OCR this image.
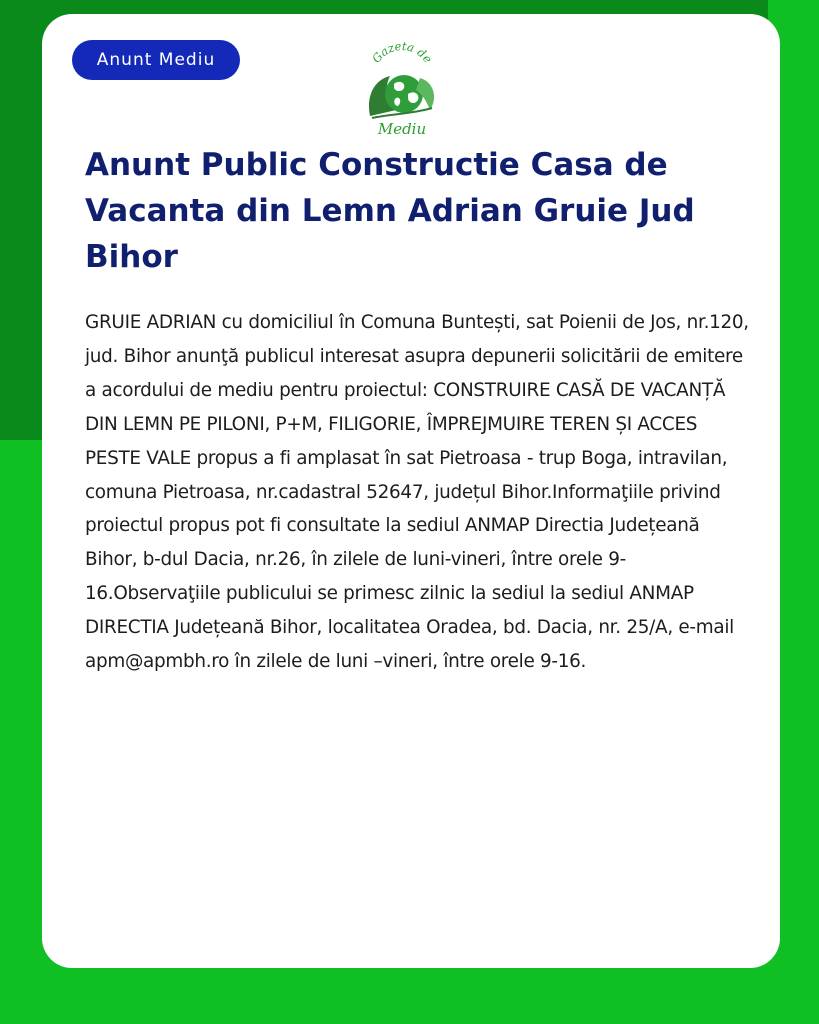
Anunt Mediu	Gazeta de
Mediu
Anunt Public Constructie Casa de Vacanta din Lemn Adrian Gruie Jud Bihor

GRUIE ADRIAN cu domiciliul în Comuna Buntești, sat Poienii de Jos, nr.120, jud. Bihor anunţă publicul interesat asupra depunerii solicitării de emitere a acordului de mediu pentru proiectul: CONSTRUIRE CASĂ DE VACANȚĂ DIN LEMN PE PILONI, P+M, FILIGORIE, ÎMPREJMUIRE TEREN ȘI ACCES PESTE VALE propus a fi amplasat în sat Pietroasa - trup Boga, intravilan, comuna Pietroasa, nr.cadastral 52647, județul Bihor.Informaţiile privind proiectul propus pot fi consultate la sediul ANMAP Directia Județeană Bihor, b-dul Dacia, nr.26, în zilele de luni-vineri, între orele 9-16.Observaţiile publicului se primesc zilnic la sediul la sediul ANMAP DIRECTIA Județeană Bihor, localitatea Oradea, bd. Dacia, nr. 25/A, e-mail apm@apmbh.ro în zilele de luni –vineri, între orele 9-16.
